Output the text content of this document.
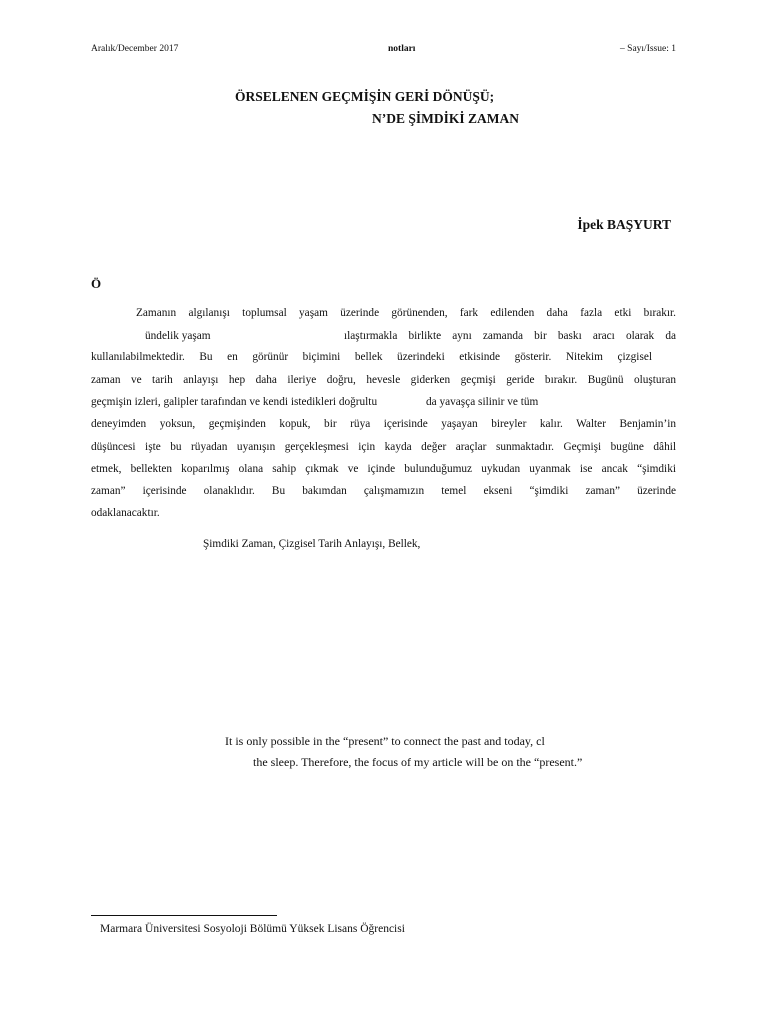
Aralık/December 2017	notları	– Sayı/Issue: 1
ÖRSELENEN GEÇMİŞİN GERİ DÖNÜŞÜ;
N’DE ŞİMDİKİ ZAMAN
İpek BAŞYURT
Ö
Zamanın algılanışı toplumsal yaşam üzerinde görünenden, fark edilenden daha fazla etki bırakır.
ündelik yaşam	ılaştırmakla birlikte aynı zamanda bir baskı aracı olarak da
kullanılabilmektedir. Bu en görünür biçimini bellek üzerindeki etkisinde gösterir. Nitekim çizgisel
zaman ve tarih anlayışı hep daha ileriye doğru, hevesle giderken geçmişi geride bırakır. Bugünü oluşturan
geçmişin izleri, galipler tarafından ve kendi istedikleri doğrultu	da yavaşça silinir ve tüm
deneyimden yoksun, geçmişinden kopuk, bir rüya içerisinde yaşayan bireyler kalır. Walter Benjamin’in
düşüncesi işte bu rüyadan uyanışın gerçekleşmesi için kayda değer araçlar sunmaktadır. Geçmişi bugüne dâhil
etmek, bellekten koparılmış olana sahip çıkmak ve içinde bulunduğumuz uykudan uyanmak ise ancak “şimdiki
zaman” içerisinde olanaklıdır. Bu bakımdan çalışmamızın temel ekseni “şimdiki zaman” üzerinde
odaklanacaktır.
Şimdiki Zaman, Çizgisel Tarih Anlayışı, Bellek,
It is only possible in the “present” to connect the past and today, cl
the sleep. Therefore, the focus of my article will be on the “present.”
Marmara Üniversitesi Sosyoloji Bölümü Yüksek Lisans Öğrencisi
